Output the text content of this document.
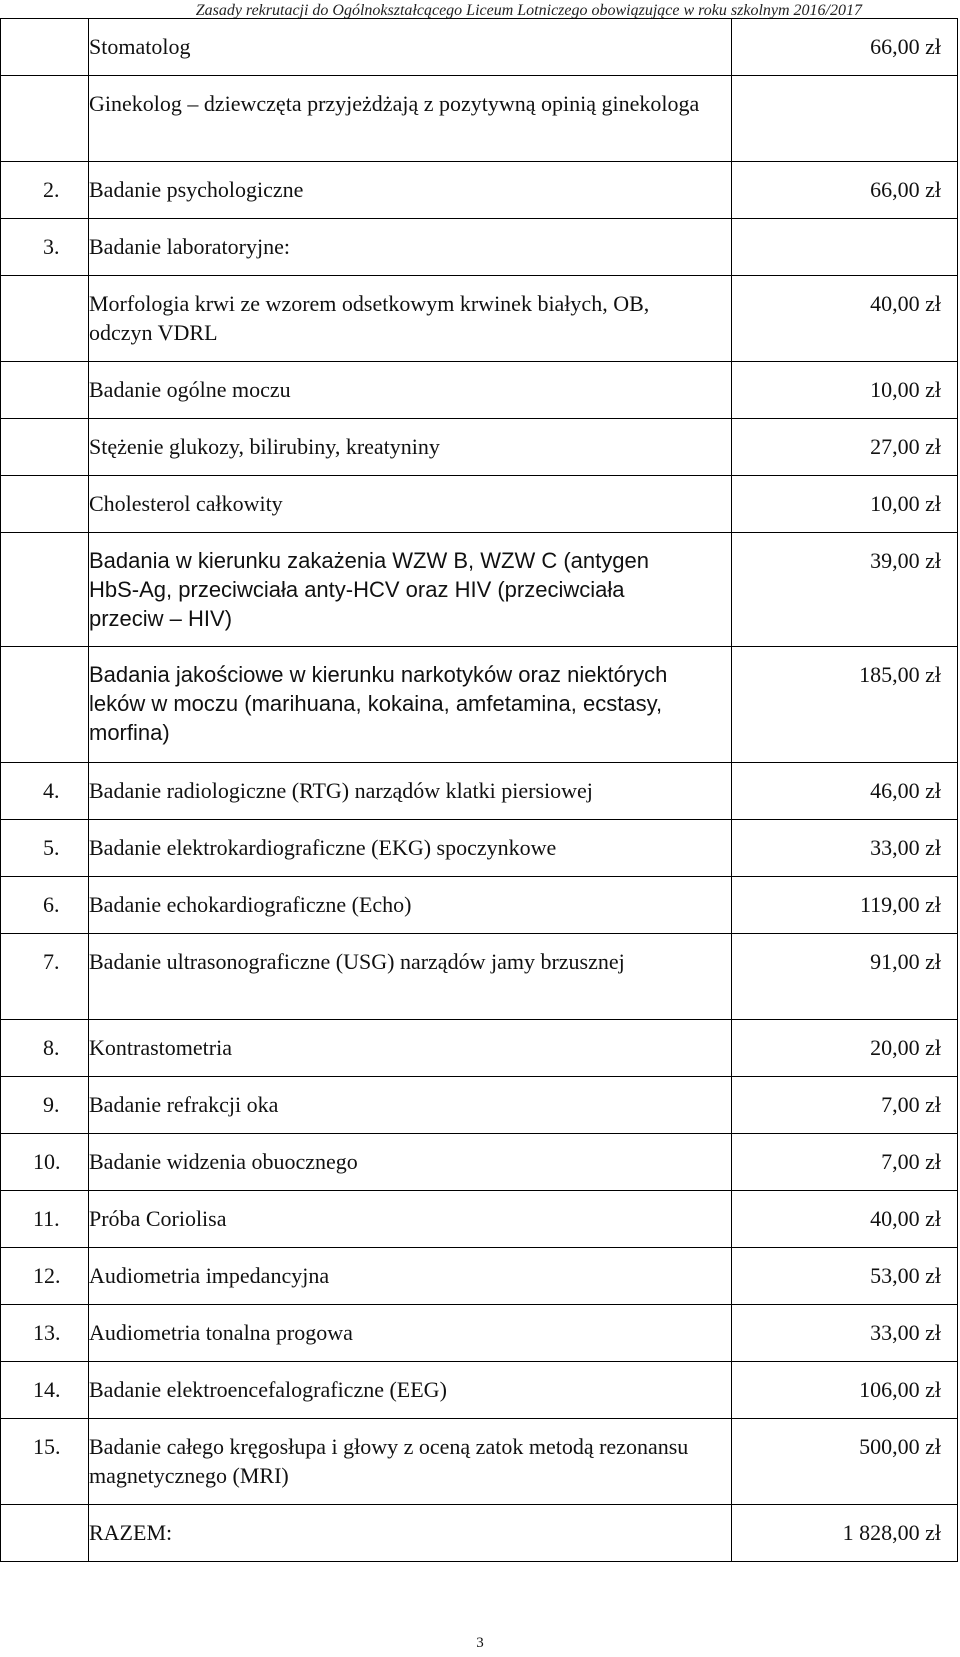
Zasady rekrutacji do Ogólnokształcącego Liceum Lotniczego obowiązujące w roku szkolnym 2016/2017
	Stomatolog	66,00 zł
	Ginekolog – dziewczęta przyjeżdżają z pozytywną opinią ginekologa	
2.	Badanie psychologiczne	66,00 zł
3.	Badanie laboratoryjne:	
	Morfologia krwi ze wzorem odsetkowym krwinek białych, OB, odczyn VDRL	40,00 zł
	Badanie ogólne moczu	10,00 zł
	Stężenie glukozy, bilirubiny, kreatyniny	27,00 zł
	Cholesterol całkowity	10,00 zł
	Badania w kierunku zakażenia WZW B, WZW C (antygen HbS-Ag, przeciwciała anty-HCV oraz HIV (przeciwciała przeciw – HIV)	39,00 zł
	Badania jakościowe w kierunku narkotyków oraz niektórych leków w moczu (marihuana, kokaina, amfetamina, ecstasy, morfina)	185,00 zł
4.	Badanie radiologiczne (RTG) narządów klatki piersiowej	46,00 zł
5.	Badanie elektrokardiograficzne (EKG) spoczynkowe	33,00 zł
6.	Badanie echokardiograficzne (Echo)	119,00 zł
7.	Badanie ultrasonograficzne (USG) narządów jamy brzusznej	91,00 zł
8.	Kontrastometria	20,00 zł
9.	Badanie refrakcji oka	7,00 zł
10.	Badanie widzenia obuocznego	7,00 zł
11.	Próba Coriolisa	40,00 zł
12.	Audiometria impedancyjna	53,00 zł
13.	Audiometria tonalna progowa	33,00 zł
14.	Badanie elektroencefalograficzne (EEG)	106,00 zł
15.	Badanie całego kręgosłupa i głowy z oceną zatok metodą rezonansu magnetycznego (MRI)	500,00 zł
	RAZEM:	1 828,00 zł
3
